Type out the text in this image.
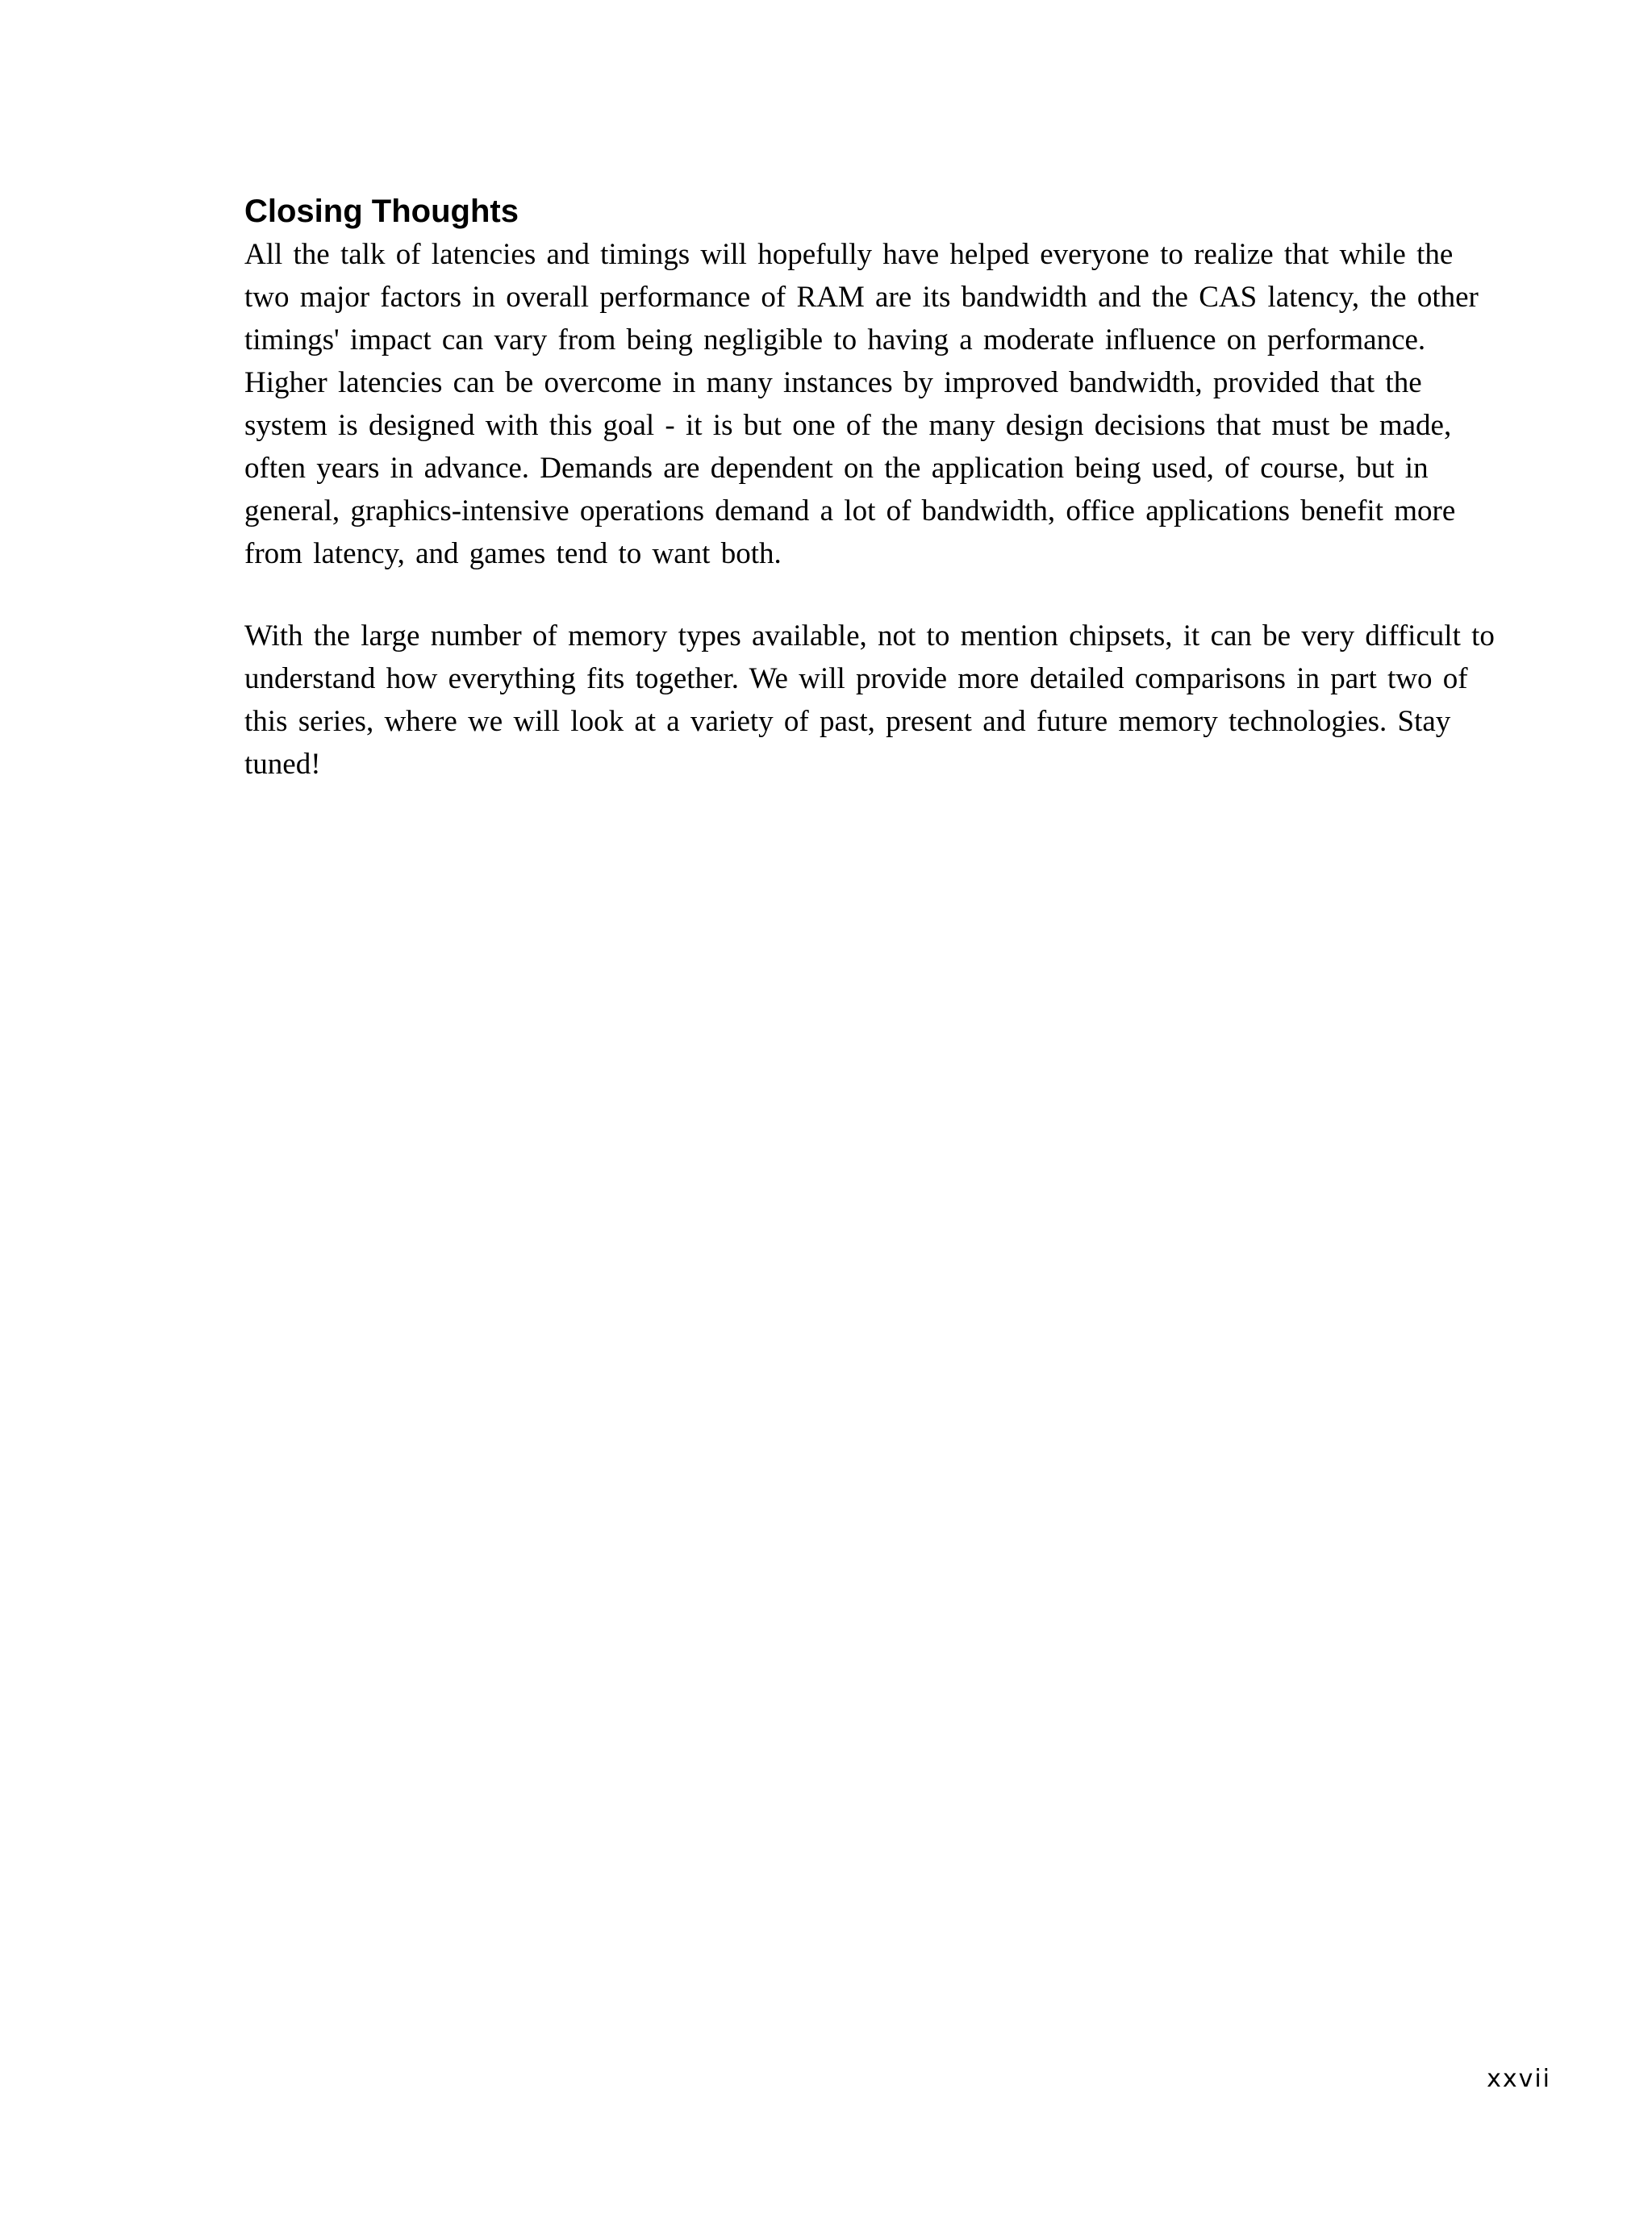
Closing Thoughts
All the talk of latencies and timings will hopefully have helped everyone to realize that while the
two major factors in overall performance of RAM are its bandwidth and the CAS latency, the other
timings' impact can vary from being negligible to having a moderate influence on performance.
Higher latencies can be overcome in many instances by improved bandwidth, provided that the
system is designed with this goal - it is but one of the many design decisions that must be made,
often years in advance. Demands are dependent on the application being used, of course, but in
general, graphics-intensive operations demand a lot of bandwidth, office applications benefit more
from latency, and games tend to want both.
With the large number of memory types available, not to mention chipsets, it can be very difficult to
understand how everything fits together. We will provide more detailed comparisons in part two of
this series, where we will look at a variety of past, present and future memory technologies. Stay
tuned!
xxvii
